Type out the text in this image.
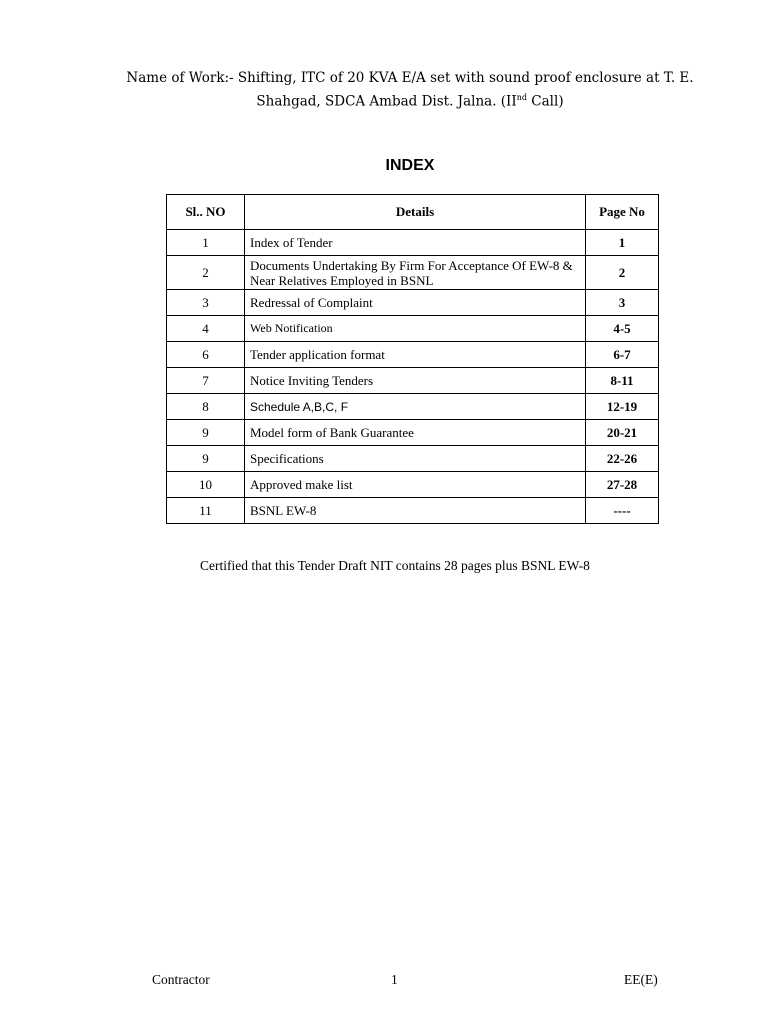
Name of Work:- Shifting, ITC of 20 KVA E/A set with sound proof enclosure at T. E.
Shahgad, SDCA Ambad Dist. Jalna. (IInd Call)
INDEX
Sl.. NO	Details	Page No
1	Index of Tender	1
2	Documents Undertaking By Firm For Acceptance Of EW-8 & Near Relatives Employed in BSNL	2
3	Redressal of Complaint	3
4	Web Notification	4-5
6	Tender application format	6-7
7	Notice Inviting Tenders	8-11
8	Schedule A,B,C, F	12-19
9	Model form of Bank Guarantee	20-21
9	Specifications	22-26
10	Approved make list	27-28
11	BSNL EW-8	----
Certified that this Tender Draft NIT contains 28 pages plus BSNL EW-8
Contractor	1	EE(E)
